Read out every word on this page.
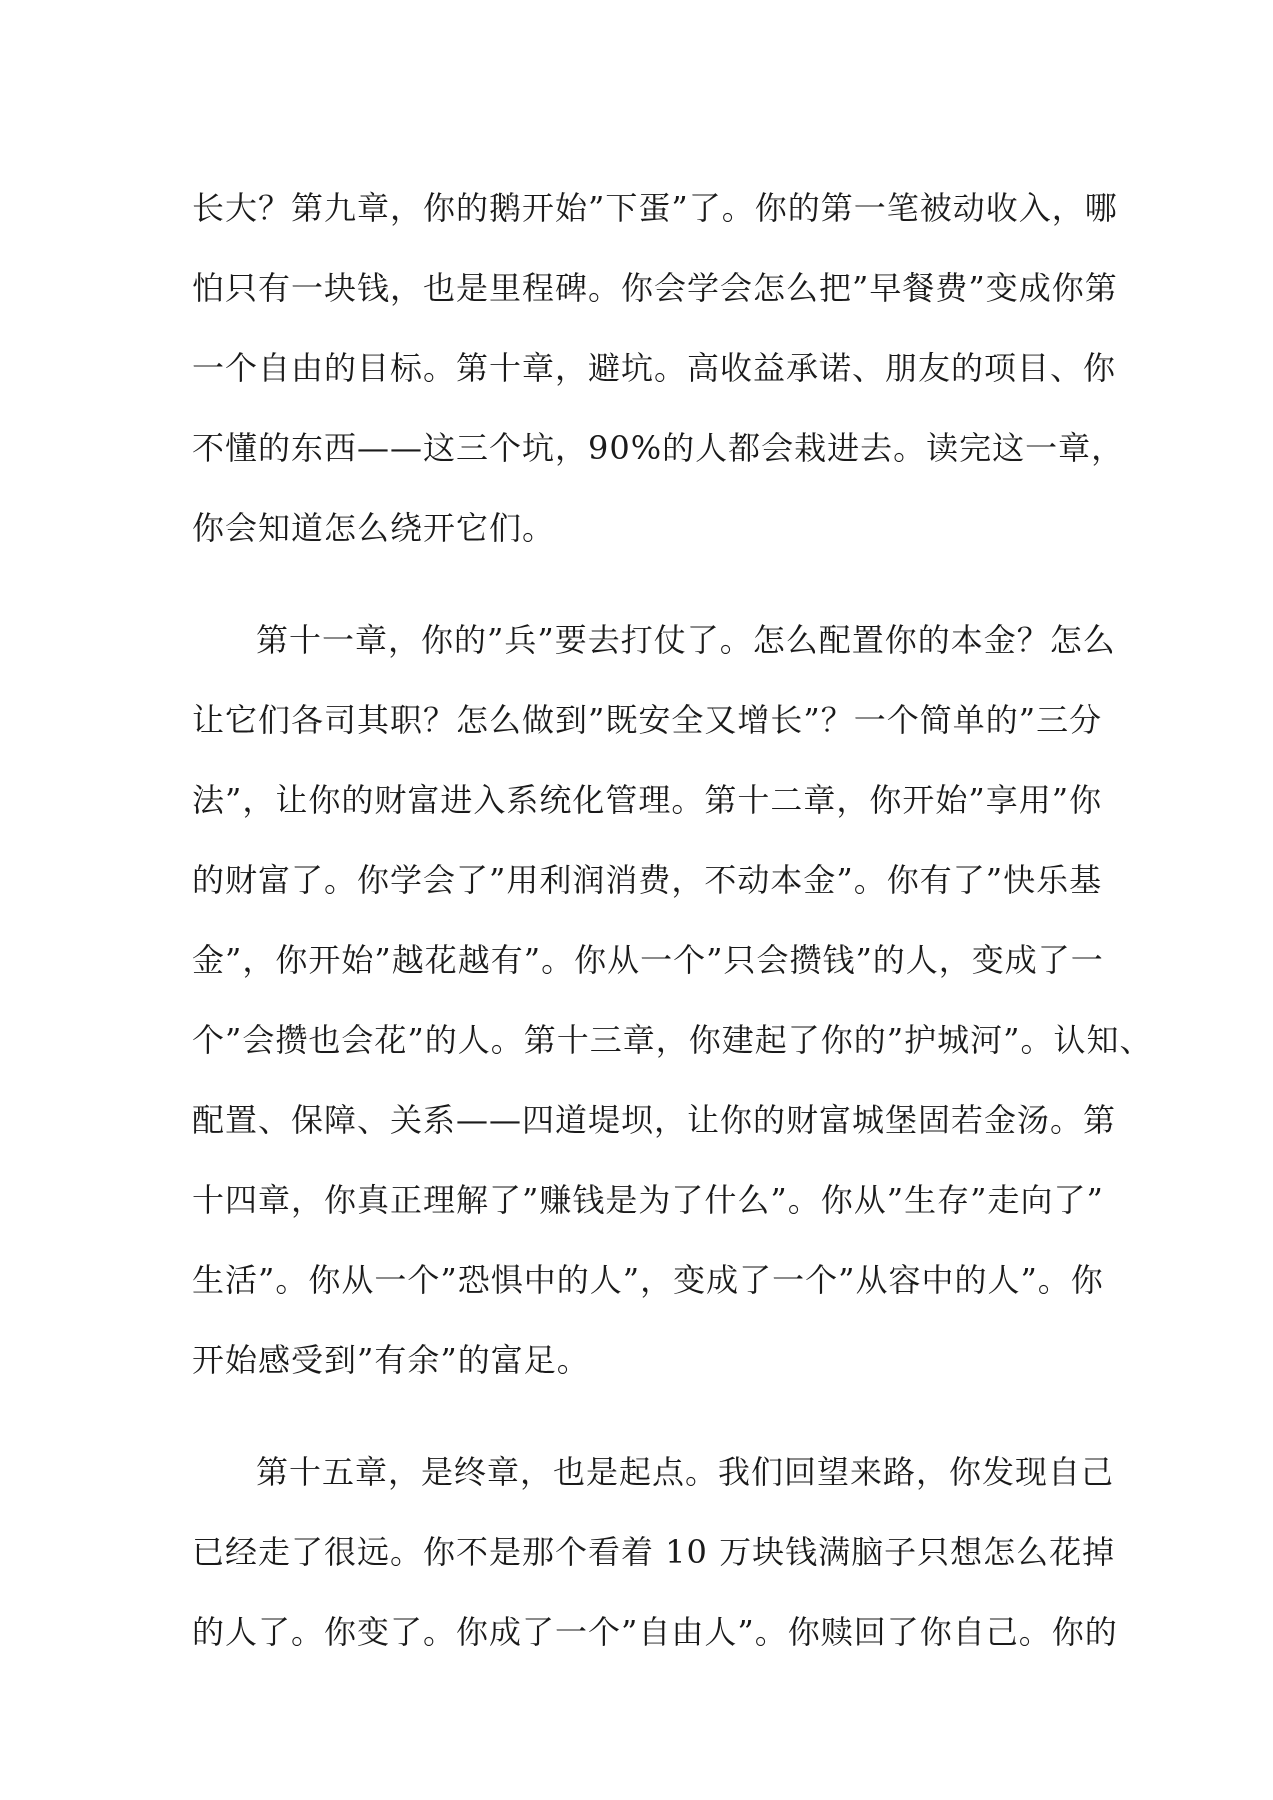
长大？第九章，你的鹅开始”下蛋”了。你的第一笔被动收入，哪
怕只有一块钱，也是里程碑。你会学会怎么把”早餐费”变成你第
一个自由的目标。第十章，避坑。高收益承诺、朋友的项目、你
不懂的东西——这三个坑，90%的人都会栽进去。读完这一章，
你会知道怎么绕开它们。
第十一章，你的”兵”要去打仗了。怎么配置你的本金？怎么
让它们各司其职？怎么做到”既安全又增长”？一个简单的”三分
法”，让你的财富进入系统化管理。第十二章，你开始”享用”你
的财富了。你学会了”用利润消费，不动本金”。你有了”快乐基
金”，你开始”越花越有”。你从一个”只会攒钱”的人，变成了一
个”会攒也会花”的人。第十三章，你建起了你的”护城河”。认知、
配置、保障、关系——四道堤坝，让你的财富城堡固若金汤。第
十四章，你真正理解了”赚钱是为了什么”。你从”生存”走向了”
生活”。你从一个”恐惧中的人”，变成了一个”从容中的人”。你
开始感受到”有余”的富足。
第十五章，是终章，也是起点。我们回望来路，你发现自己
已经走了很远。你不是那个看着 10 万块钱满脑子只想怎么花掉
的人了。你变了。你成了一个”自由人”。你赎回了你自己。你的
